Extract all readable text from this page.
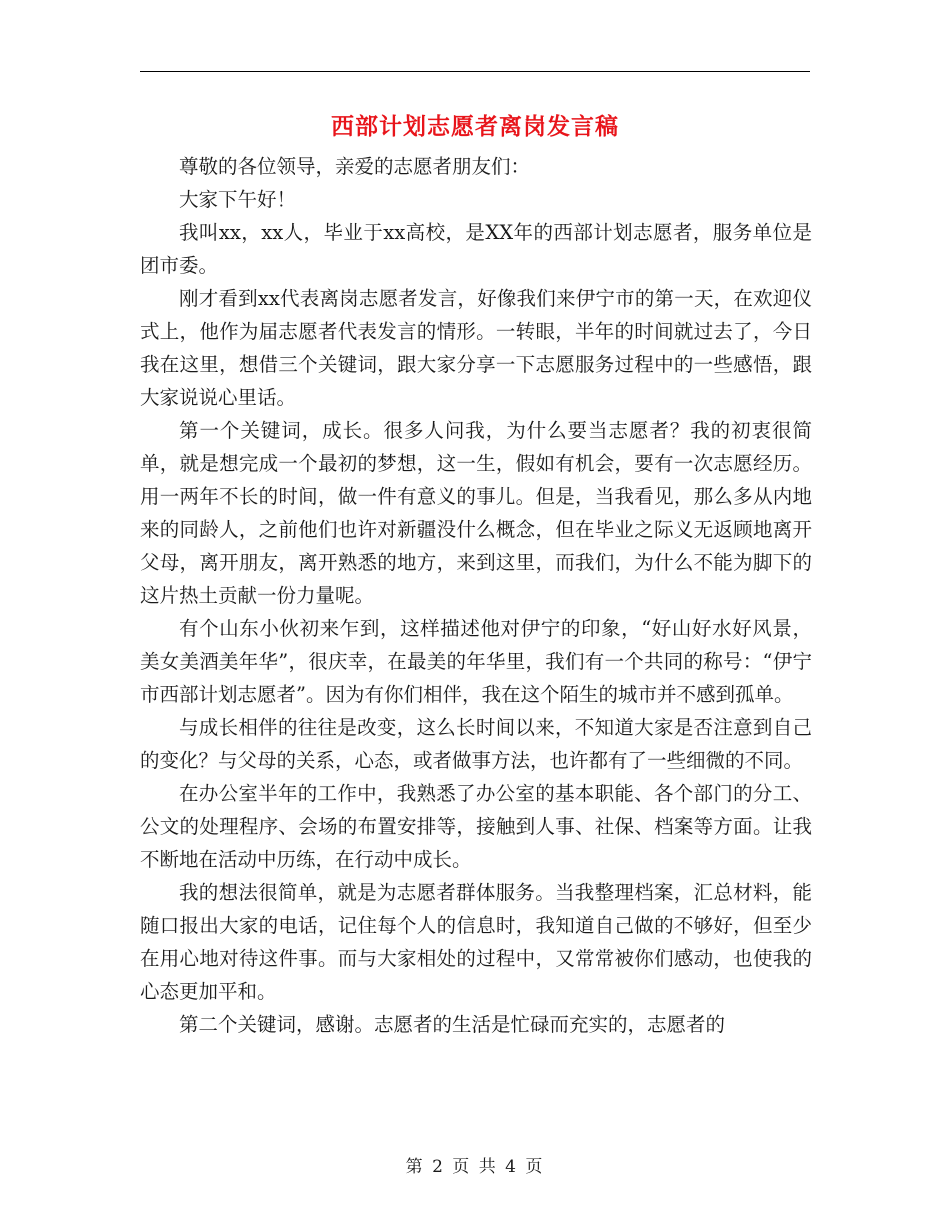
西部计划志愿者离岗发言稿

尊敬的各位领导，亲爱的志愿者朋友们：

大家下午好！

我叫xx，xx人，毕业于xx高校，是XX年的西部计划志愿者，服务单位是团市委。

刚才看到xx代表离岗志愿者发言，好像我们来伊宁市的第一天，在欢迎仪式上，他作为届志愿者代表发言的情形。一转眼，半年的时间就过去了，今日我在这里，想借三个关键词，跟大家分享一下志愿服务过程中的一些感悟，跟大家说说心里话。

第一个关键词，成长。很多人问我，为什么要当志愿者？我的初衷很简单，就是想完成一个最初的梦想，这一生，假如有机会，要有一次志愿经历。用一两年不长的时间，做一件有意义的事儿。但是，当我看见，那么多从内地来的同龄人，之前他们也许对新疆没什么概念，但在毕业之际义无返顾地离开父母，离开朋友，离开熟悉的地方，来到这里，而我们，为什么不能为脚下的这片热土贡献一份力量呢。

有个山东小伙初来乍到，这样描述他对伊宁的印象，“好山好水好风景，美女美酒美年华”，很庆幸，在最美的年华里，我们有一个共同的称号：“伊宁市西部计划志愿者”。因为有你们相伴，我在这个陌生的城市并不感到孤单。

与成长相伴的往往是改变，这么长时间以来，不知道大家是否注意到自己的变化？与父母的关系，心态，或者做事方法，也许都有了一些细微的不同。

在办公室半年的工作中，我熟悉了办公室的基本职能、各个部门的分工、公文的处理程序、会场的布置安排等，接触到人事、社保、档案等方面。让我不断地在活动中历练，在行动中成长。

我的想法很简单，就是为志愿者群体服务。当我整理档案，汇总材料，能随口报出大家的电话，记住每个人的信息时，我知道自己做的不够好，但至少在用心地对待这件事。而与大家相处的过程中，又常常被你们感动，也使我的心态更加平和。

第二个关键词，感谢。志愿者的生活是忙碌而充实的，志愿者的

第 2 页 共 4 页
